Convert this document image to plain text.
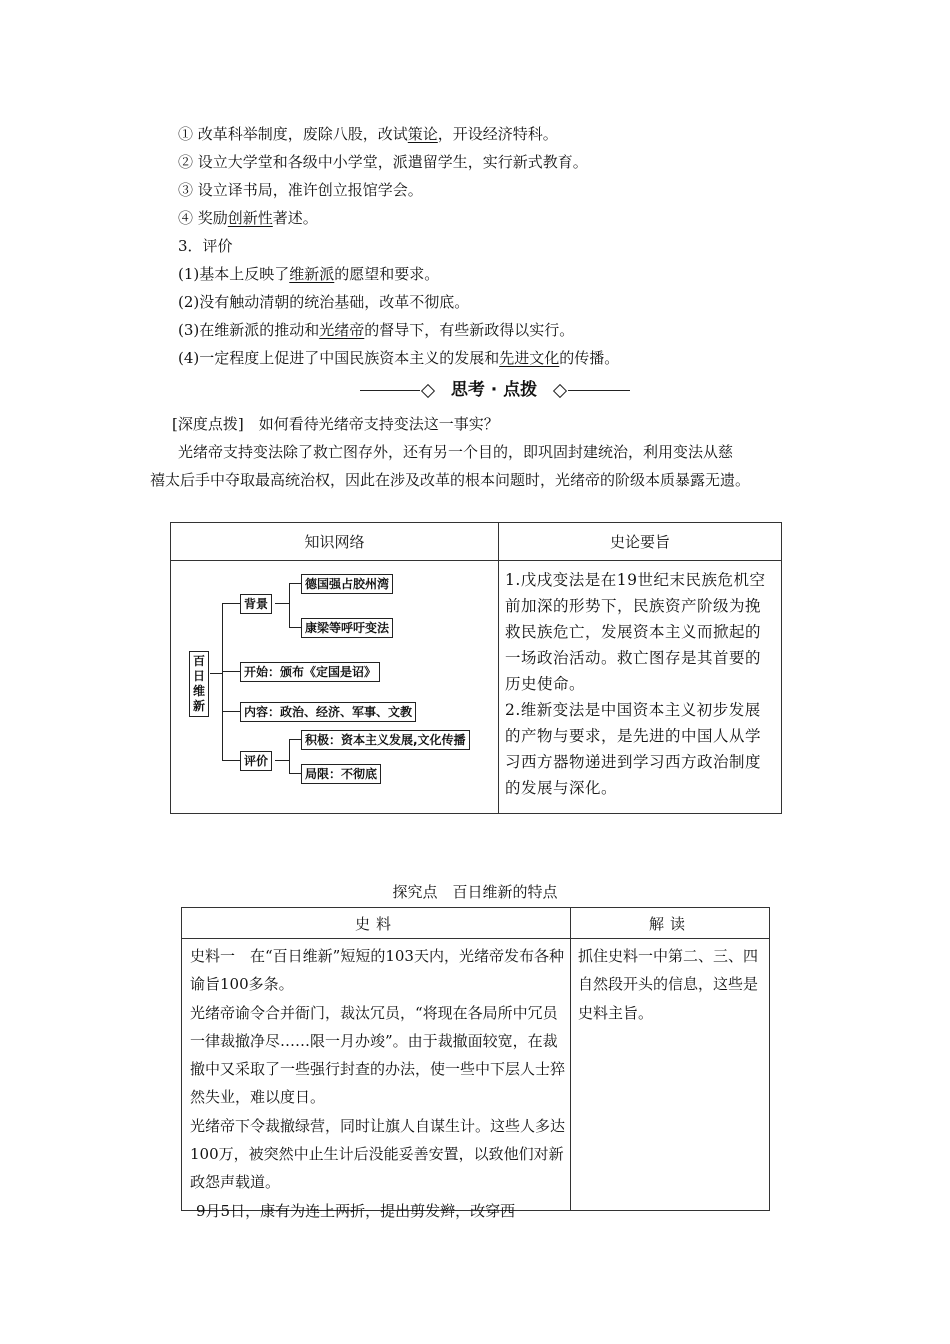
① 改革科举制度，废除八股，改试策论，开设经济特科。
② 设立大学堂和各级中小学堂，派遣留学生，实行新式教育。
③ 设立译书局，准许创立报馆学会。
④ 奖励创新性著述。
3．评价
(1)基本上反映了维新派的愿望和要求。
(2)没有触动清朝的统治基础，改革不彻底。
(3)在维新派的推动和光绪帝的督导下，有些新政得以实行。
(4)一定程度上促进了中国民族资本主义的发展和先进文化的传播。
思考 · 点拨
[深度点拨]　如何看待光绪帝支持变法这一事实？
光绪帝支持变法除了救亡图存外，还有另一个目的，即巩固封建统治，利用变法从慈
禧太后手中夺取最高统治权，因此在涉及改革的根本问题时，光绪帝的阶级本质暴露无遗。
知识网络	史论要旨
百日维新
背景
德国强占胶州湾
康梁等呼吁变法
开始：颁布《定国是诏》
内容：政治、经济、军事、文教
评价
积极：资本主义发展,文化传播
局限：不彻底

1.戊戌变法是在19世纪末民族危机空前加深的形势下，民族资产阶级为挽救民族危亡，发展资本主义而掀起的一场政治活动。救亡图存是其首要的历史使命。

2.维新变法是中国资本主义初步发展的产物与要求，是先进的中国人从学习西方器物递进到学习西方政治制度的发展与深化。

探究点　百日维新的特点
史料	解读

史料一　在“百日维新”短短的103天内，光绪帝发布各种谕旨100多条。

光绪帝谕令合并衙门，裁汰冗员，“将现在各局所中冗员一律裁撤净尽……限一月办竣”。由于裁撤面较宽，在裁撤中又采取了一些强行封查的办法，使一些中下层人士猝然失业，难以度日。

光绪帝下令裁撤绿营，同时让旗人自谋生计。这些人多达100万，被突然中止生计后没能妥善安置，以致他们对新政怨声载道。

9月5日，康有为连上两折，提出剪发辫，改穿西

抓住史料一中第二、三、四自然段开头的信息，这些是史料主旨。
